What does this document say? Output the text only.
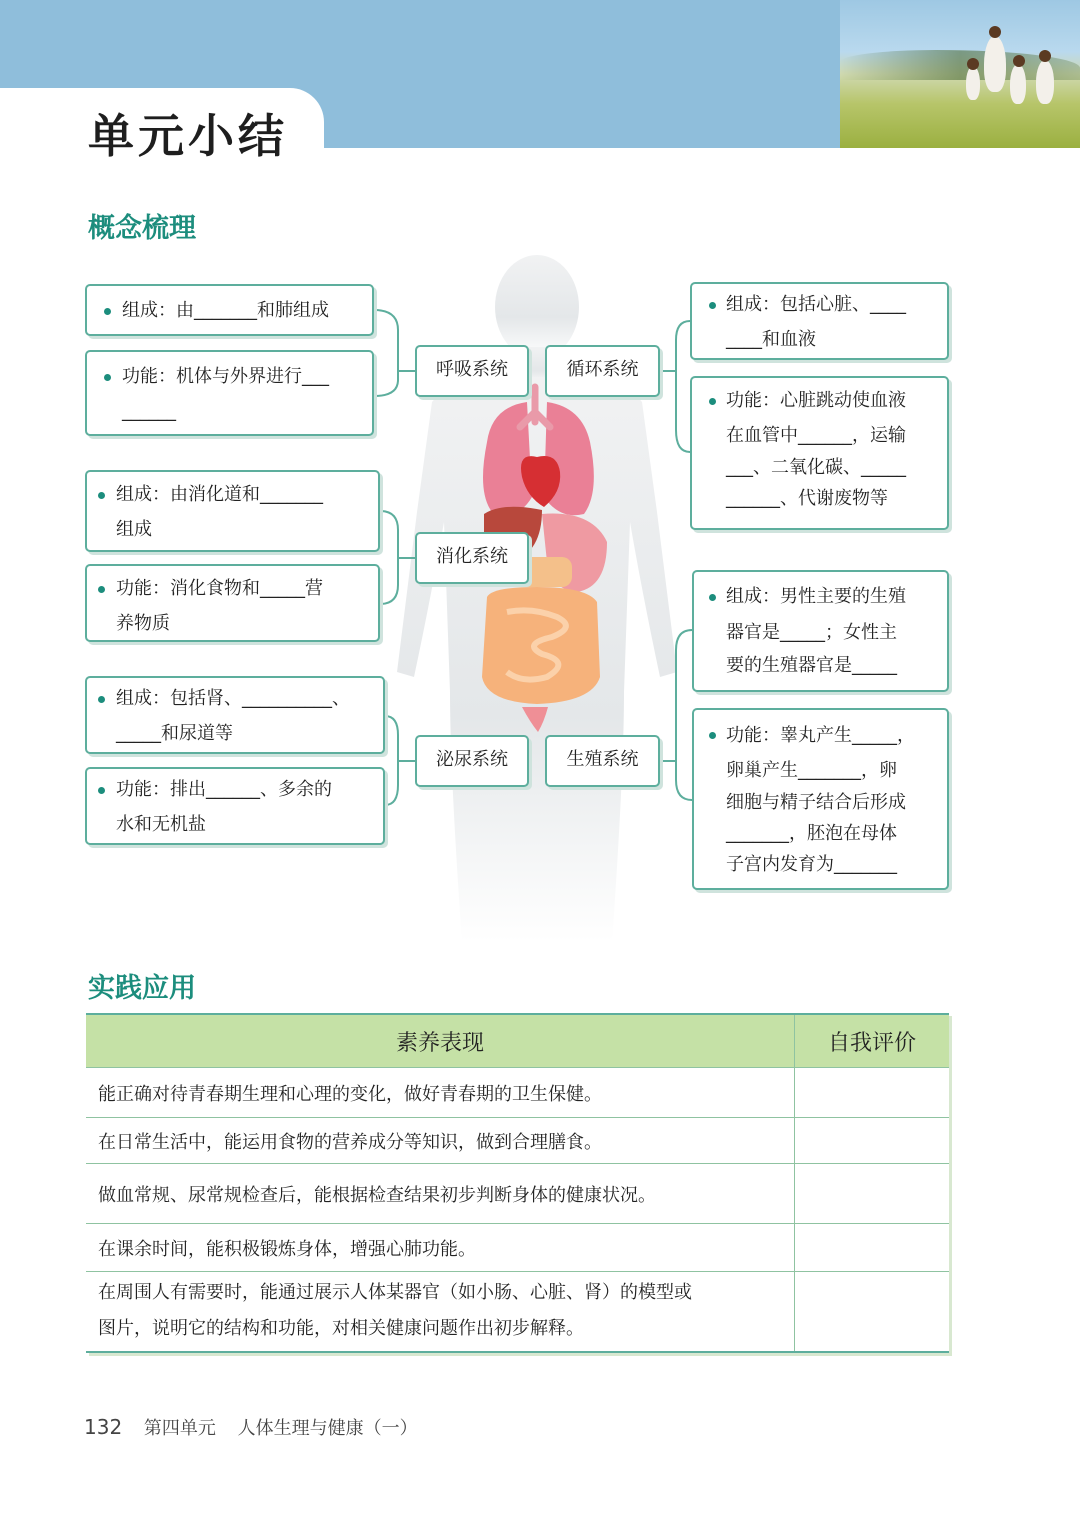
单元小结
概念梳理
组成：由_______和肺组成
功能：机体与外界进行___
______
组成：由消化道和_______
组成
功能：消化食物和_____营
养物质
组成：包括肾、__________、
_____和尿道等
功能：排出______、多余的
水和无机盐
呼吸系统	循环系统
消化系统
泌尿系统	生殖系统
组成：包括心脏、____
____和血液
功能：心脏跳动使血液
在血管中______，运输
___、二氧化碳、_____
______、代谢废物等
组成：男性主要的生殖
器官是_____；女性主
要的生殖器官是_____
功能：睾丸产生_____，
卵巢产生_______，卵
细胞与精子结合后形成
_______，胚泡在母体
子宫内发育为_______
实践应用
素养表现	自我评价
能正确对待青春期生理和心理的变化，做好青春期的卫生保健。	
在日常生活中，能运用食物的营养成分等知识，做到合理膳食。	
做血常规、尿常规检查后，能根据检查结果初步判断身体的健康状况。	
在课余时间，能积极锻炼身体，增强心肺功能。	

在周围人有需要时，能通过展示人体某器官（如小肠、心脏、肾）的模型或
图片，说明它的结构和功能，对相关健康问题作出初步解释。	

132 第四单元 人体生理与健康（一）
